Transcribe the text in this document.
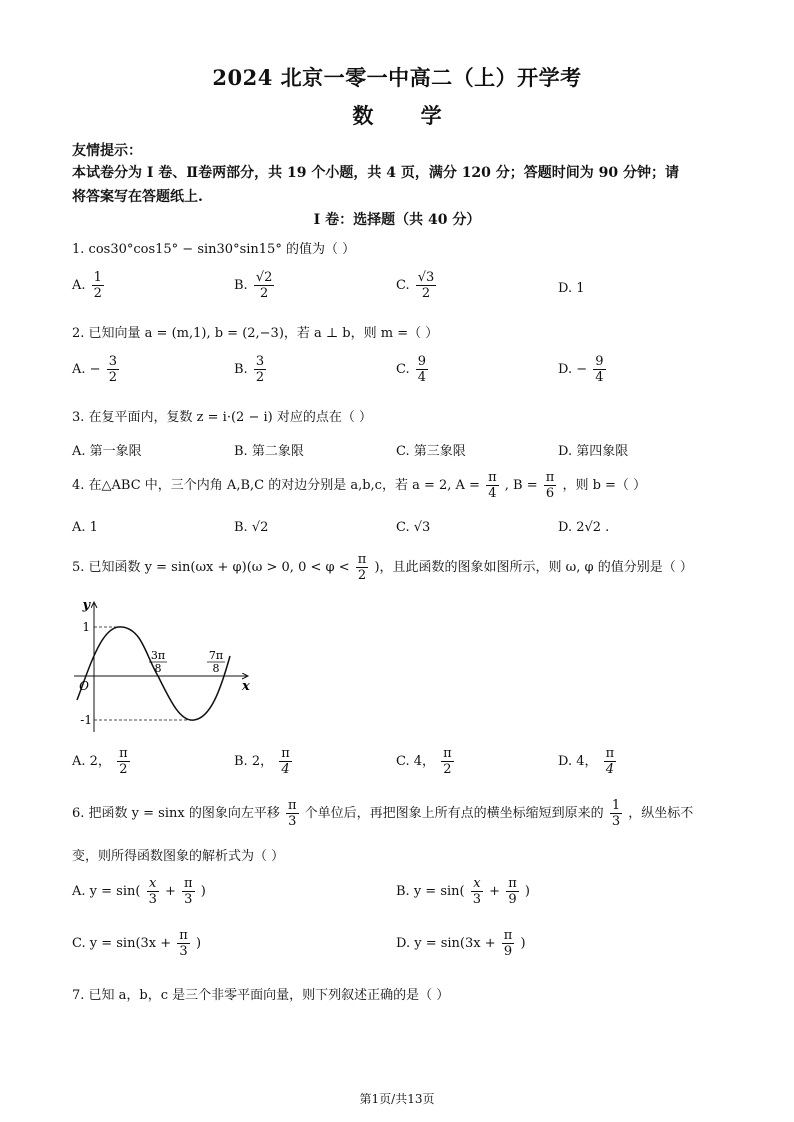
2024 北京一零一中高二（上）开学考
数 学
友情提示：
本试卷分为 I 卷、Ⅱ卷两部分，共 19 个小题，共 4 页，满分 120 分；答题时间为 90 分钟；请
将答案写在答题纸上.
I 卷：选择题（共 40 分）
1. cos30°cos15° − sin30°sin15° 的值为（ ）
A. $\frac{1}{2}$	B. $\frac{√2}{2}$	C. $\frac{√3}{2}$	D. 1
2. 已知向量 a = (m,1), b = (2,−3)，若 a ⊥ b，则 m =（ ）
A. − $\frac{3}{2}$	B. $\frac{3}{2}$	C. $\frac{9}{4}$	D. − $\frac{9}{4}$
3. 在复平面内，复数 z = i·(2 − i) 对应的点在（ ）
A. 第一象限	B. 第二象限	C. 第三象限	D. 第四象限
4. 在△ABC 中，三个内角 A,B,C 的对边分别是 a,b,c，若 a = 2, $A = \frac{\pi}{4}$ , $B = \frac{\pi}{6}$ ，则 b =（ ）
A. 1	B. √2	C. √3	D. 2√2 .
5. 已知函数 y = sin(ωx + φ)(ω > 0, $0 < \varphi < \frac{\pi}{2}$ )，且此函数的图象如图所示，则 ω, φ 的值分别是（ ）
y
x
O
1
-1
3π
8
7π
8
A. 2， $\frac{\pi}{2}$	B. 2， $\frac{\pi}{4}$	C. 4， $\frac{\pi}{2}$	D. 4， $\frac{\pi}{4}$
6. 把函数 y = sinx 的图象向左平移 $\frac{\pi}{3}$ 个单位后，再把图象上所有点的横坐标缩短到原来的 $\frac{1}{3}$ ，纵坐标不
变，则所得函数图象的解析式为（ ）
A. $y = \sin( \frac{x}{3} + \frac{\pi}{3}$ )	B. $y = \sin( \frac{x}{3} + \frac{\pi}{9}$ )
C. $y = \sin(3x + \frac{\pi}{3}$ )	D. $y = \sin(3x + \frac{\pi}{9}$ )
7. 已知 a，b，c 是三个非零平面向量，则下列叙述正确的是（ ）
第1页/共13页
